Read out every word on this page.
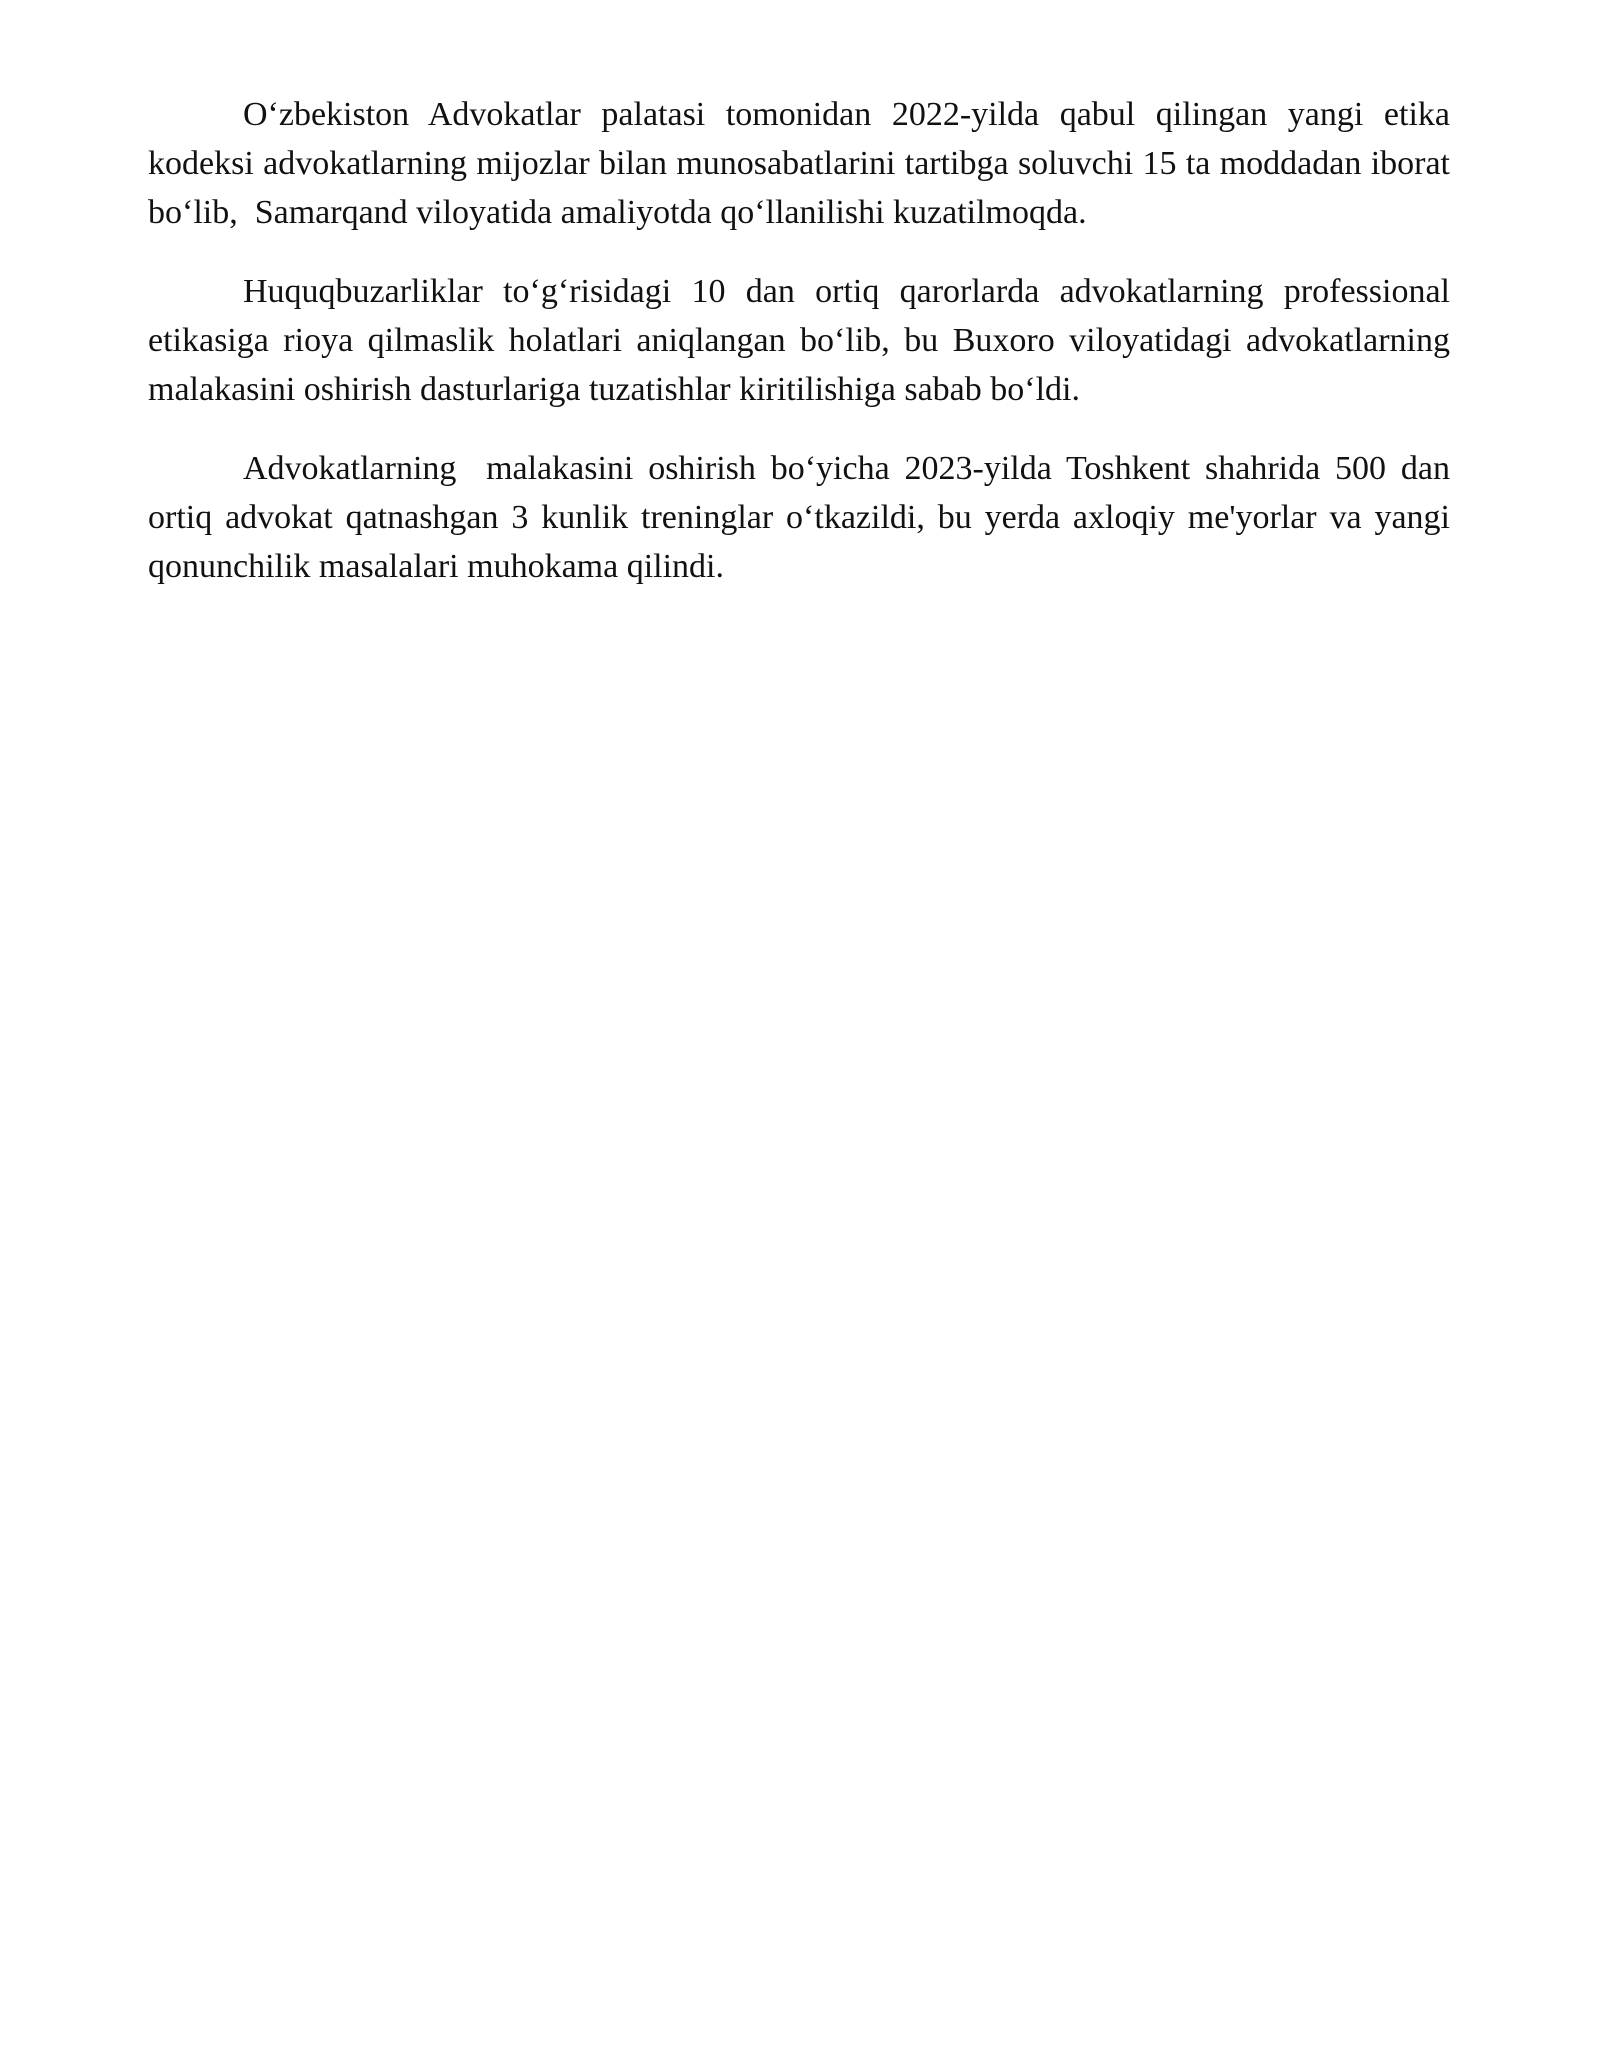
O‘zbekiston Advokatlar palatasi tomonidan 2022-yilda qabul qilingan yangi etika kodeksi advokatlarning mijozlar bilan munosabatlarini tartibga soluvchi 15 ta moddadan iborat bo‘lib,  Samarqand viloyatida amaliyotda qo‘llanilishi kuzatilmoqda.

Huquqbuzarliklar to‘g‘risidagi 10 dan ortiq qarorlarda advokatlarning professional etikasiga rioya qilmaslik holatlari aniqlangan bo‘lib, bu Buxoro viloyatidagi advokatlarning malakasini oshirish dasturlariga tuzatishlar kiritilishiga sabab bo‘ldi.

Advokatlarning  malakasini oshirish bo‘yicha 2023-yilda Toshkent shahrida 500 dan ortiq advokat qatnashgan 3 kunlik treninglar o‘tkazildi, bu yerda axloqiy me'yorlar va yangi qonunchilik masalalari muhokama qilindi.
